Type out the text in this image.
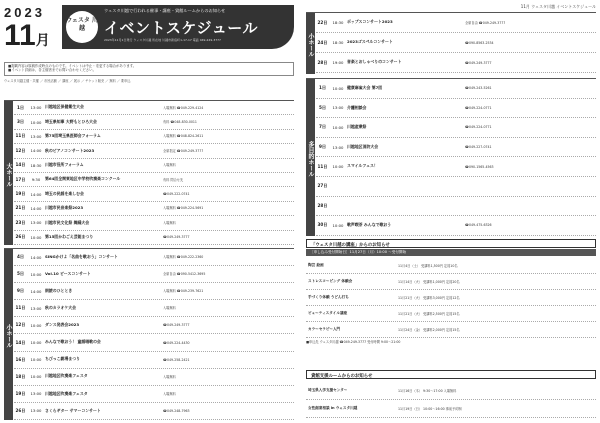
2023
11月
ウェスタ 川越
ウェスタ川越で行われる催事・講座・貸館ルームからのお知らせ
イベントスケジュール
2023年11月1日発行 ウェスタ川越 所在地 川越市新宿町1-17-17 電話 049-249-3777
■掲載内容は原稿作成時点のものです。イベントは中止・変更する場合があります。
■イベント詳細は、各主催者までお問い合わせください。
ウェスタ川越主催・共催 ／ 市民活動 ／ 講座 ／ 展示 ／ チケット販売 ／ 無料 ／ 要申込
大ホール
1日	13:00 川越地区保健衛生大会	入場無料 ☎049-229-4124
3日	10:00 埼玉県知事 大野もとひろ大会	有料 ☎048-830-0011
11日	13:00 第75回埼玉県医師会フォーラム	入場無料 ☎048-824-2611
12日	14:00 秋のピアノコンサート2023	全席指定 ☎049-249-3777
14日	18:30 川越市役所フォーラム	入場無料
17日	9:30	第64回全関東地区中学校吹奏楽コンクール	有料 問合せ先
19日	14:00 埼玉の民謡を楽しむ会	☎049-222-0741
21日	14:00 川越市民音楽祭2023	入場無料 ☎049-224-5691
23日	13:00 川越市民文化祭 舞踊大会	入場無料
26日	10:00 第15回かわごえ芸能まつり	☎049-249-3777
小ホール
4日	14:00 SINGかけよ「名曲を歌おう」コンサート	入場無料 ☎049-222-2360
5日	10:00 Vol.10 ピースコンサート	全席自由 ☎090-5412-3695
9日	14:00 朗読のひととき	入場無料 ☎049-239-7621
11日	13:00 秋のカラオケ大会	入場無料
12日	10:00 ダンス発表会2023	☎049-249-3777
14日	10:00 みんなで歌おう！ 童謡唱歌の会	☎049-224-4430
16日	10:00 ちびっこ劇場まつり	☎049-258-2421
18日	10:00 川越地区吹奏楽フェスタ	入場無料
19日	13:00 川越地区吹奏楽フェスタ	入場無料
26日	13:00 さくらギター サマーコンサート	☎049-248-7963
11月 ウェスタ川越 イベントスケジュール
小ホール
22日	18:30 ポップスコンサート2023	全席自由 ☎049-249-3777
24日	18:30 2023ゴスペルコンサート	☎090-8563-2534
28日	19:00 音楽とおしゃべりのコンサート	☎049-249-3777
多目的ホール
1日	10:00 健康麻雀大会 第7回	☎049-243-5261
5日	13:00 介護相談会	☎049-224-0771
7日	10:00 川越産業祭	☎049-224-0771
9日	13:00 川越地区消防大会	☎049-227-0741
11日	10:00 スマイルフェス！	☎090-1565-4563
27日
28日
30日	10:00 歌声喫茶 みんなで歌おう	☎049-475-6326
「ウェスタ川越の講座」からのお知らせ
［申し込み受付開始日］11月27日（月）10:00 ～受付開始
陶芸 絵画	11月4日（土） 受講料1,500円 定員10名
ストレスコーピング 体験会	11月14日（火） 受講料1,000円 定員20名
手づくり体験 うどん打ち	11月21日（火） 受講料3,000円 定員12名
ビューティスタイル講座	11月21日（火） 受講料2,500円 定員15名
カラーセラピー入門	11月24日（金） 受講料2,000円 定員15名
■申込先 ウェスタ川越 ☎049-249-3777 受付時間 9:00～21:00
貸館支援ルームからのお知らせ
埼玉県入学支援センター	11月16日（木） 9:30～17:00 入場無料
女性創業相談 in ウェスタ川越	11月19日（日） 10:00～16:00 事前予約制
